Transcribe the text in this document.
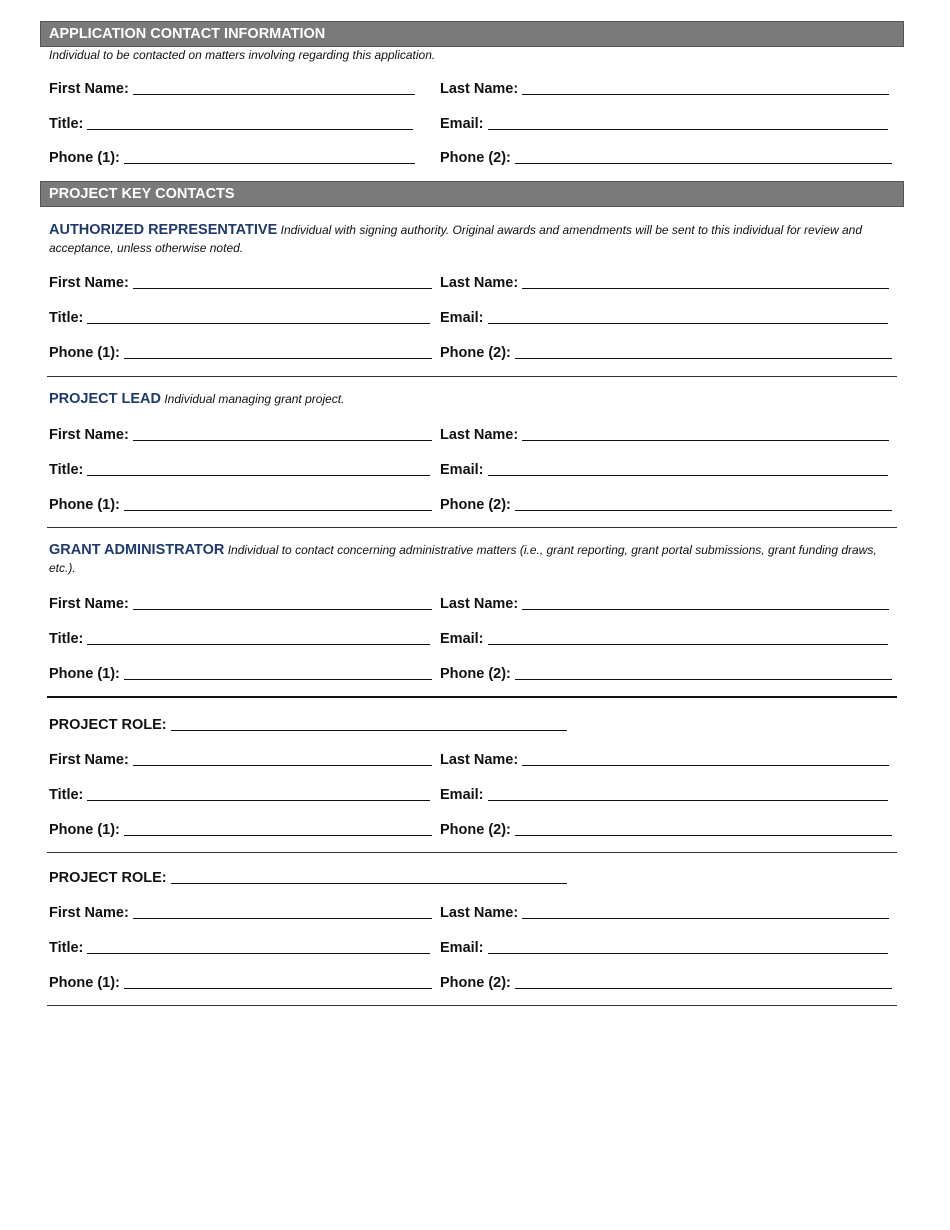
APPLICATION CONTACT INFORMATION
Individual to be contacted on matters involving regarding this application.
First Name:	Last Name:
Title:	Email:
Phone (1):	Phone (2):
PROJECT KEY CONTACTS
AUTHORIZED REPRESENTATIVE Individual with signing authority. Original awards and amendments will be sent to this individual for review and acceptance, unless otherwise noted.
First Name:	Last Name:
Title:	Email:
Phone (1):	Phone (2):
PROJECT LEAD Individual managing grant project.
First Name:	Last Name:
Title:	Email:
Phone (1):	Phone (2):
GRANT ADMINISTRATOR Individual to contact concerning administrative matters (i.e., grant reporting, grant portal submissions, grant funding draws, etc.).
First Name:	Last Name:
Title:	Email:
Phone (1):	Phone (2):
PROJECT ROLE:
First Name:	Last Name:
Title:	Email:
Phone (1):	Phone (2):
PROJECT ROLE:
First Name:	Last Name:
Title:	Email:
Phone (1):	Phone (2):
